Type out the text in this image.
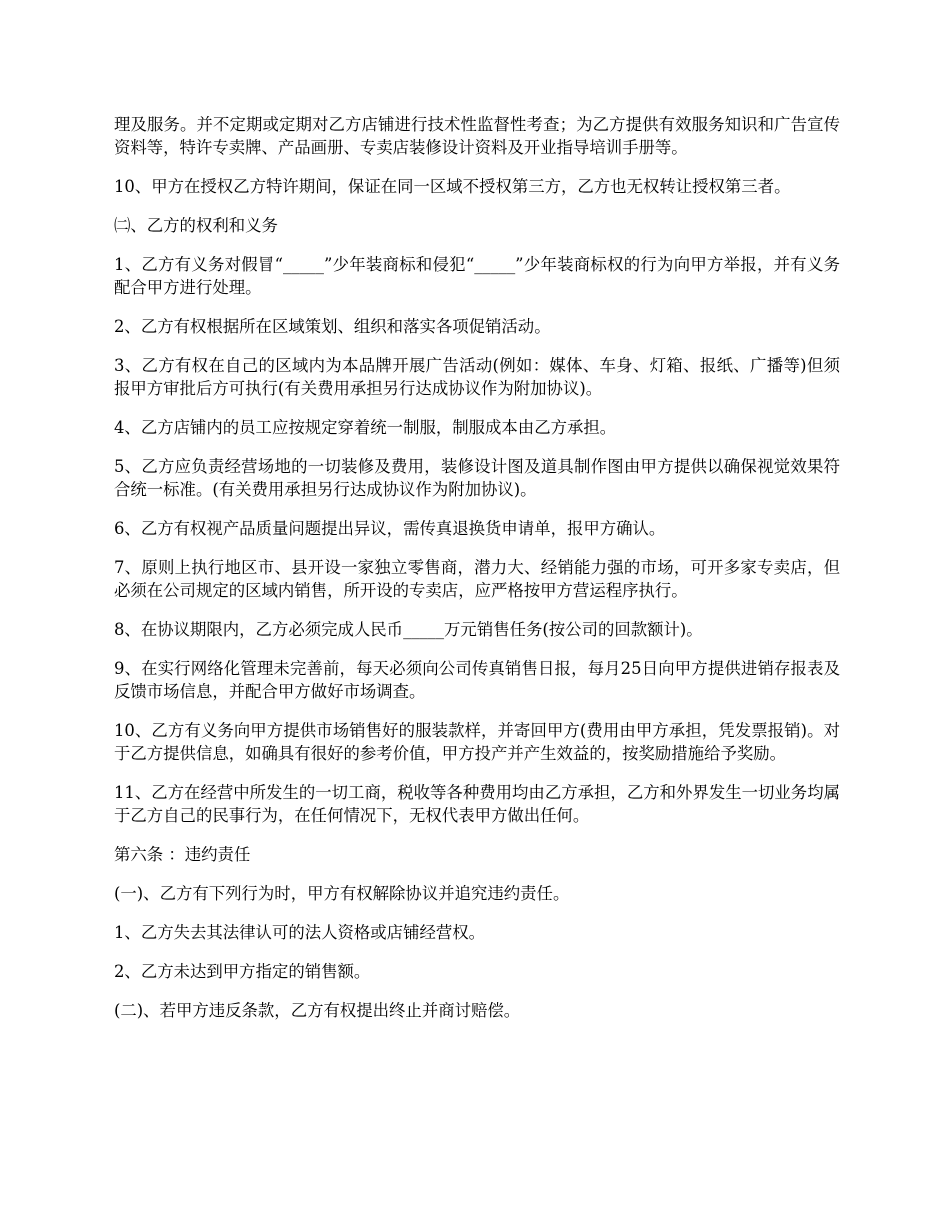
理及服务。并不定期或定期对乙方店铺进行技术性监督性考查；为乙方提供有效服务知识和广告宣传资料等，特许专卖牌、产品画册、专卖店装修设计资料及开业指导培训手册等。

10、甲方在授权乙方特许期间，保证在同一区域不授权第三方，乙方也无权转让授权第三者。

㈡、乙方的权利和义务

1、乙方有义务对假冒“_____”少年装商标和侵犯“_____”少年装商标权的行为向甲方举报，并有义务配合甲方进行处理。

2、乙方有权根据所在区域策划、组织和落实各项促销活动。

3、乙方有权在自己的区域内为本品牌开展广告活动(例如：媒体、车身、灯箱、报纸、广播等)但须报甲方审批后方可执行(有关费用承担另行达成协议作为附加协议)。

4、乙方店铺内的员工应按规定穿着统一制服，制服成本由乙方承担。

5、乙方应负责经营场地的一切装修及费用，装修设计图及道具制作图由甲方提供以确保视觉效果符合统一标准。(有关费用承担另行达成协议作为附加协议)。

6、乙方有权视产品质量问题提出异议，需传真退换货申请单，报甲方确认。

7、原则上执行地区市、县开设一家独立零售商，潜力大、经销能力强的市场，可开多家专卖店，但必须在公司规定的区域内销售，所开设的专卖店，应严格按甲方营运程序执行。

8、在协议期限内，乙方必须完成人民币_____万元销售任务(按公司的回款额计)。

9、在实行网络化管理未完善前，每天必须向公司传真销售日报，每月25日向甲方提供进销存报表及反馈市场信息，并配合甲方做好市场调查。

10、乙方有义务向甲方提供市场销售好的服装款样，并寄回甲方(费用由甲方承担，凭发票报销)。对于乙方提供信息，如确具有很好的参考价值，甲方投产并产生效益的，按奖励措施给予奖励。

11、乙方在经营中所发生的一切工商，税收等各种费用均由乙方承担，乙方和外界发生一切业务均属于乙方自己的民事行为，在任何情况下，无权代表甲方做出任何。

第六条 ：违约责任

(一)、乙方有下列行为时，甲方有权解除协议并追究违约责任。

1、乙方失去其法律认可的法人资格或店铺经营权。

2、乙方未达到甲方指定的销售额。

(二)、若甲方违反条款，乙方有权提出终止并商讨赔偿。
